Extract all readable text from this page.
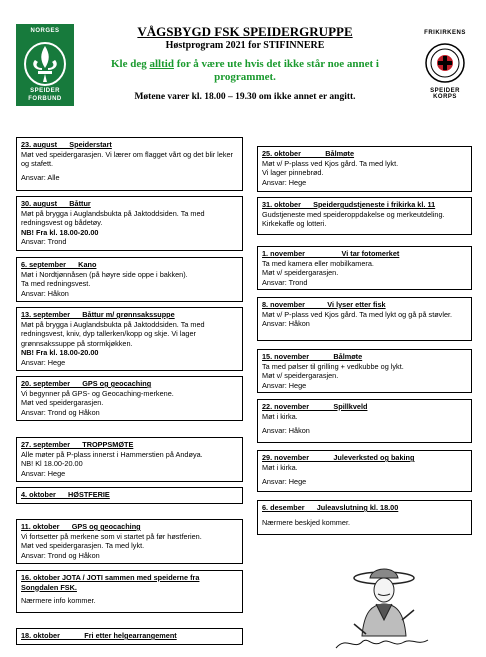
NORGES
SPEIDER
FORBUND
FRIKIRKENS
SPEIDER KORPS
VÅGSBYGD FSK SPEIDERGRUPPE
Høstprogram 2021 for STIFINNERE
Kle deg alltid for å være ute hvis det ikke står noe annet i programmet.
Møtene varer kl. 18.00 – 19.30 om ikke annet er angitt.
23. august      Speiderstart
Møt ved speidergarasjen. Vi lærer om flagget vårt og det blir leker og stafett.
Ansvar: Alle
30. august      Båttur
Møt på brygga i Auglandsbukta på Jaktoddsiden. Ta med redningsvest og bådetøy.
NB! Fra kl. 18.00-20.00
Ansvar: Trond
6. september      Kano
Møt i Nordtjønnåsen (på høyre side oppe i bakken).
Ta med redningsvest.
Ansvar: Håkon
13. september      Båttur m/ grønnsakssuppe
Møt på brygga i Auglandsbukta på Jaktoddsiden. Ta med redningsvest, kniv, dyp tallerken/kopp og skje. Vi lager grønnsakssuppe på stormkjøkken.
NB! Fra kl. 18.00-20.00
Ansvar: Hege
20. september      GPS og geocaching
Vi begynner på GPS- og Geocaching-merkene.
Møt ved speidergarasjen.
Ansvar: Trond og Håkon
27. september      TROPPSMØTE
Alle møter på P-plass innerst i Hammerstien på Andøya.
NB! Kl 18.00-20.00
Ansvar: Hege
4. oktober      HØSTFERIE
11. oktober      GPS og geocaching
Vi fortsetter på merkene som vi startet på før høstferien.
Møt ved speidergarasjen. Ta med lykt.
Ansvar: Trond og Håkon
16. oktober JOTA / JOTI sammen med speiderne fra Songdalen FSK.
Nærmere info kommer.
18. oktober            Fri etter helgearrangement
25. oktober            Bålmøte
Møt v/ P-plass ved Kjos gård. Ta med lykt.
Vi lager pinnebrød.
Ansvar: Hege
31. oktober      Speidergudstjeneste i frikirka kl. 11
Gudstjeneste med speideroppdakelse og merkeutdeling.
Kirkekaffe og lotteri.
1. november                  Vi tar fotomerket
Ta med kamera eller mobilkamera.
Møt v/ speidergarasjen.
Ansvar: Trond
8. november           Vi lyser etter fisk
Møt v/ P-plass ved Kjos gård. Ta med lykt og gå på støvler.
Ansvar: Håkon
15. november            Bålmøte
Ta med pølser til grilling + vedkubbe og lykt.
Møt v/ speidergarasjen.
Ansvar: Hege
22. november            Spillkveld
Møt i kirka.
Ansvar: Håkon
29. november            Juleverksted og baking
Møt i kirka.
Ansvar: Hege
6. desember      Juleavslutning kl. 18.00
Nærmere beskjed kommer.
